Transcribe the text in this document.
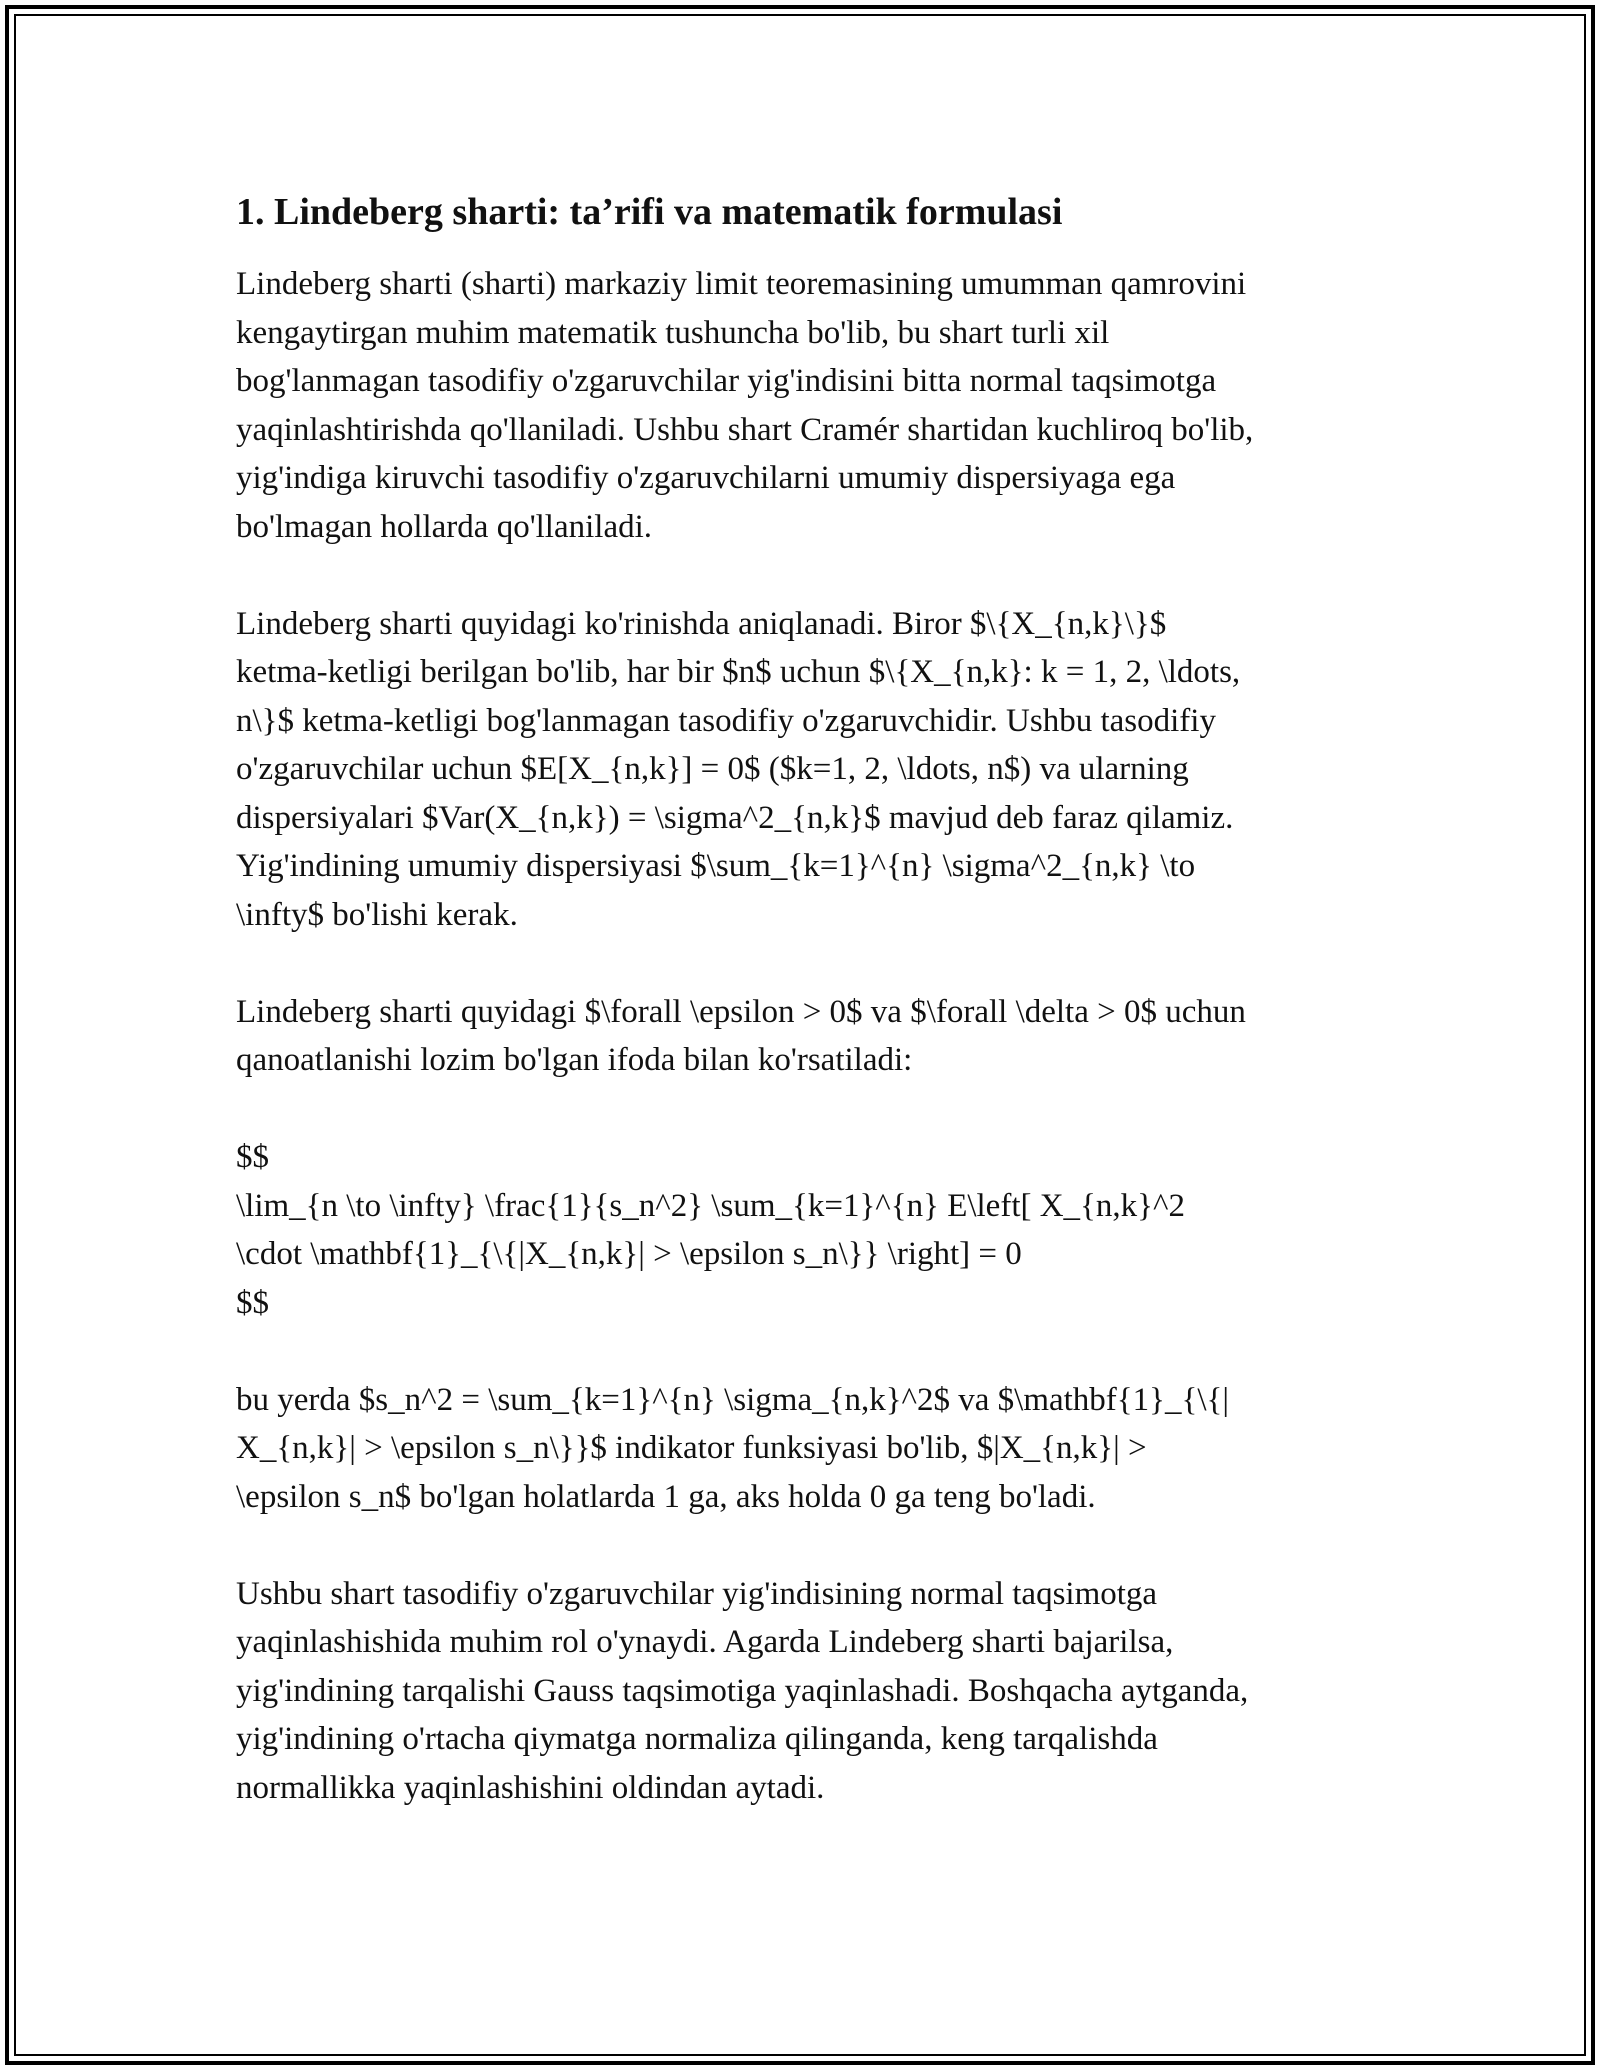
1. Lindeberg sharti: ta’rifi va matematik formulasi
Lindeberg sharti (sharti) markaziy limit teoremasining umumman qamrovini
kengaytirgan muhim matematik tushuncha bo'lib, bu shart turli xil
bog'lanmagan tasodifiy o'zgaruvchilar yig'indisini bitta normal taqsimotga
yaqinlashtirishda qo'llaniladi. Ushbu shart Cramér shartidan kuchliroq bo'lib,
yig'indiga kiruvchi tasodifiy o'zgaruvchilarni umumiy dispersiyaga ega
bo'lmagan hollarda qo'llaniladi.
Lindeberg sharti quyidagi ko'rinishda aniqlanadi. Biror $\{X_{n,k}\}$
ketma-ketligi berilgan bo'lib, har bir $n$ uchun $\{X_{n,k}: k = 1, 2, \ldots,
n\}$ ketma-ketligi bog'lanmagan tasodifiy o'zgaruvchidir. Ushbu tasodifiy
o'zgaruvchilar uchun $E[X_{n,k}] = 0$ ($k=1, 2, \ldots, n$) va ularning
dispersiyalari $Var(X_{n,k}) = \sigma^2_{n,k}$ mavjud deb faraz qilamiz.
Yig'indining umumiy dispersiyasi $\sum_{k=1}^{n} \sigma^2_{n,k} \to
\infty$ bo'lishi kerak.
Lindeberg sharti quyidagi $\forall \epsilon > 0$ va $\forall \delta > 0$ uchun
qanoatlanishi lozim bo'lgan ifoda bilan ko'rsatiladi:
$$
\lim_{n \to \infty} \frac{1}{s_n^2} \sum_{k=1}^{n} E\left[ X_{n,k}^2
\cdot \mathbf{1}_{\{|X_{n,k}| > \epsilon s_n\}} \right] = 0
$$
bu yerda $s_n^2 = \sum_{k=1}^{n} \sigma_{n,k}^2$ va $\mathbf{1}_{\{|
X_{n,k}| > \epsilon s_n\}}$ indikator funksiyasi bo'lib, $|X_{n,k}| >
\epsilon s_n$ bo'lgan holatlarda 1 ga, aks holda 0 ga teng bo'ladi.
Ushbu shart tasodifiy o'zgaruvchilar yig'indisining normal taqsimotga
yaqinlashishida muhim rol o'ynaydi. Agarda Lindeberg sharti bajarilsa,
yig'indining tarqalishi Gauss taqsimotiga yaqinlashadi. Boshqacha aytganda,
yig'indining o'rtacha qiymatga normaliza qilinganda, keng tarqalishda
normallikka yaqinlashishini oldindan aytadi.
